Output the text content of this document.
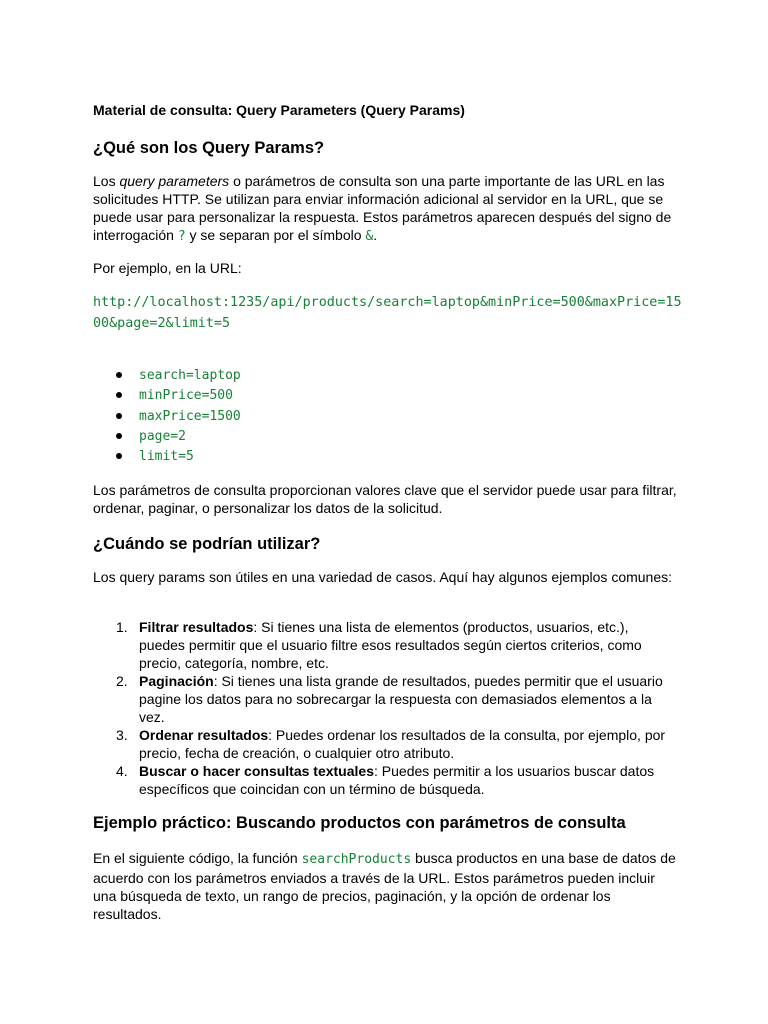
Material de consulta: Query Parameters (Query Params)

¿Qué son los Query Params?

Los query parameters o parámetros de consulta son una parte importante de las URL en las solicitudes HTTP. Se utilizan para enviar información adicional al servidor en la URL, que se puede usar para personalizar la respuesta. Estos parámetros aparecen después del signo de interrogación ? y se separan por el símbolo &.

Por ejemplo, en la URL:

http://localhost:1235/api/products/search=laptop&minPrice=500&maxPrice=1500&page=2&limit=5

search=laptop
minPrice=500
maxPrice=1500
page=2
limit=5

Los parámetros de consulta proporcionan valores clave que el servidor puede usar para filtrar, ordenar, paginar, o personalizar los datos de la solicitud.

¿Cuándo se podrían utilizar?

Los query params son útiles en una variedad de casos. Aquí hay algunos ejemplos comunes:

1. Filtrar resultados: Si tienes una lista de elementos (productos, usuarios, etc.), puedes permitir que el usuario filtre esos resultados según ciertos criterios, como precio, categoría, nombre, etc.
2. Paginación: Si tienes una lista grande de resultados, puedes permitir que el usuario pagine los datos para no sobrecargar la respuesta con demasiados elementos a la vez.
3. Ordenar resultados: Puedes ordenar los resultados de la consulta, por ejemplo, por precio, fecha de creación, o cualquier otro atributo.
4. Buscar o hacer consultas textuales: Puedes permitir a los usuarios buscar datos específicos que coincidan con un término de búsqueda.
Ejemplo práctico: Buscando productos con parámetros de consulta

En el siguiente código, la función searchProducts busca productos en una base de datos de acuerdo con los parámetros enviados a través de la URL. Estos parámetros pueden incluir una búsqueda de texto, un rango de precios, paginación, y la opción de ordenar los resultados.
